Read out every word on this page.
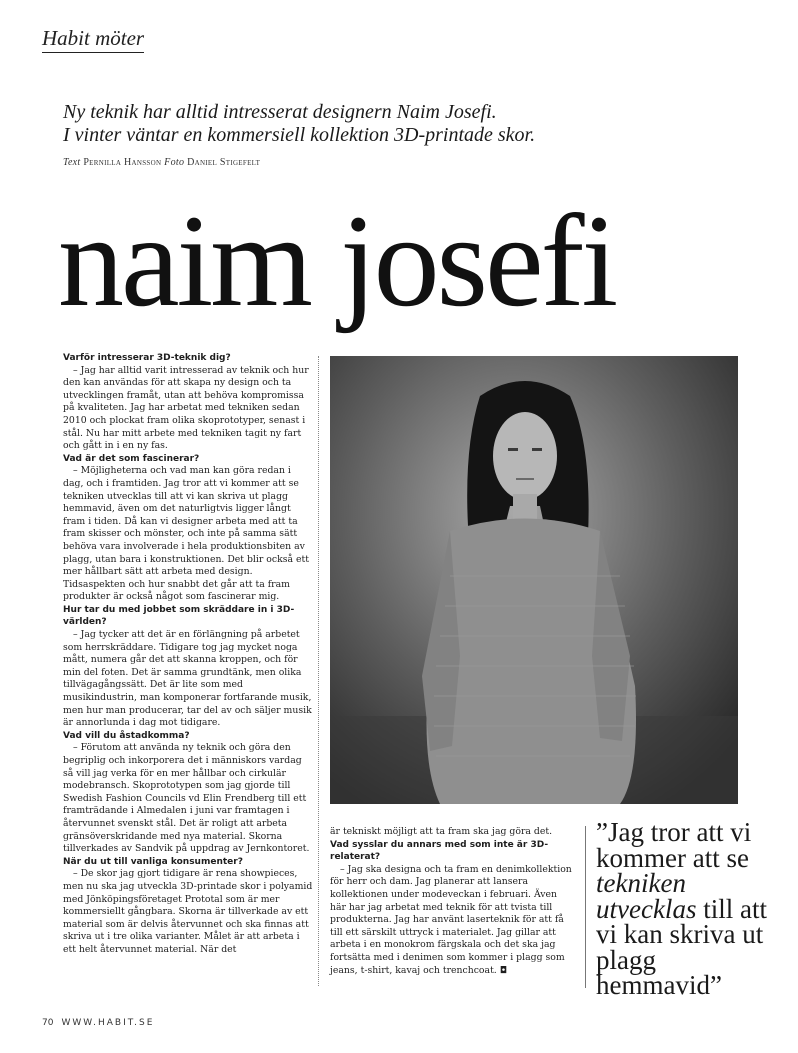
Habit möter
Ny teknik har alltid intresserat designern Naim Josefi.
I vinter väntar en kommersiell kollektion 3D-printade skor.
Text Pernilla Hansson Foto Daniel Stigefelt
naim josefi

Varför intresserar 3D-teknik dig?

– Jag har alltid varit intresserad av teknik och hur den kan användas för att skapa ny design och ta utvecklingen framåt, utan att behöva kompromissa på kvaliteten. Jag har arbetat med tekniken sedan 2010 och plockat fram olika skoprototyper, senast i stål. Nu har mitt arbete med tekniken tagit ny fart och gått in i en ny fas.

Vad är det som fascinerar?

– Möjligheterna och vad man kan göra redan i dag, och i framtiden. Jag tror att vi kommer att se tekniken utvecklas till att vi kan skriva ut plagg hemmavid, även om det naturligtvis ligger långt fram i tiden. Då kan vi designer arbeta med att ta fram skisser och mönster, och inte på samma sätt behöva vara involverade i hela produktionsbiten av plagg, utan bara i konstruktionen. Det blir också ett mer hållbart sätt att arbeta med design. Tidsaspekten och hur snabbt det går att ta fram produkter är också något som fascinerar mig.

Hur tar du med jobbet som skräddare in i 3D-världen?

– Jag tycker att det är en förlängning på arbetet som herrskräddare. Tidigare tog jag mycket noga mått, numera går det att skanna kroppen, och för min del foten. Det är samma grundtänk, men olika tillvägagångssätt. Det är lite som med musikindustrin, man komponerar fortfarande musik, men hur man producerar, tar del av och säljer musik är annorlunda i dag mot tidigare.

Vad vill du åstadkomma?

– Förutom att använda ny teknik och göra den begriplig och inkorporera det i människors vardag så vill jag verka för en mer hållbar och cirkulär modebransch. Skoprototypen som jag gjorde till Swedish Fashion Councils vd Elin Frendberg till ett framträdande i Almedalen i juni var framtagen i återvunnet svenskt stål. Det är roligt att arbeta gränsöverskridande med nya material. Skorna tillverkades av Sandvik på uppdrag av Jernkontoret.

När du ut till vanliga konsumenter?

– De skor jag gjort tidigare är rena showpieces, men nu ska jag utveckla 3D-printade skor i polyamid med Jönköpingsföretaget Prototal som är mer kommersiellt gångbara. Skorna är tillverkade av ett material som är delvis återvunnet och ska finnas att skriva ut i tre olika varianter. Målet är att arbeta i ett helt återvunnet material. När det

är tekniskt möjligt att ta fram ska jag göra det.

Vad sysslar du annars med som inte är 3D-relaterat?

– Jag ska designa och ta fram en denimkollektion för herr och dam. Jag planerar att lansera kollektionen under modeveckan i februari. Även här har jag arbetat med teknik för att tvista till produkterna. Jag har använt laserteknik för att få till ett särskilt uttryck i materialet. Jag gillar att arbeta i en monokrom färgskala och det ska jag fortsätta med i denimen som kommer i plagg som jeans, t-shirt, kavaj och trenchcoat. ◘

”Jag tror att vi kommer att se tekniken utvecklas till att vi kan skriva ut plagg hemmavid”

70 WWW.HABIT.SE
